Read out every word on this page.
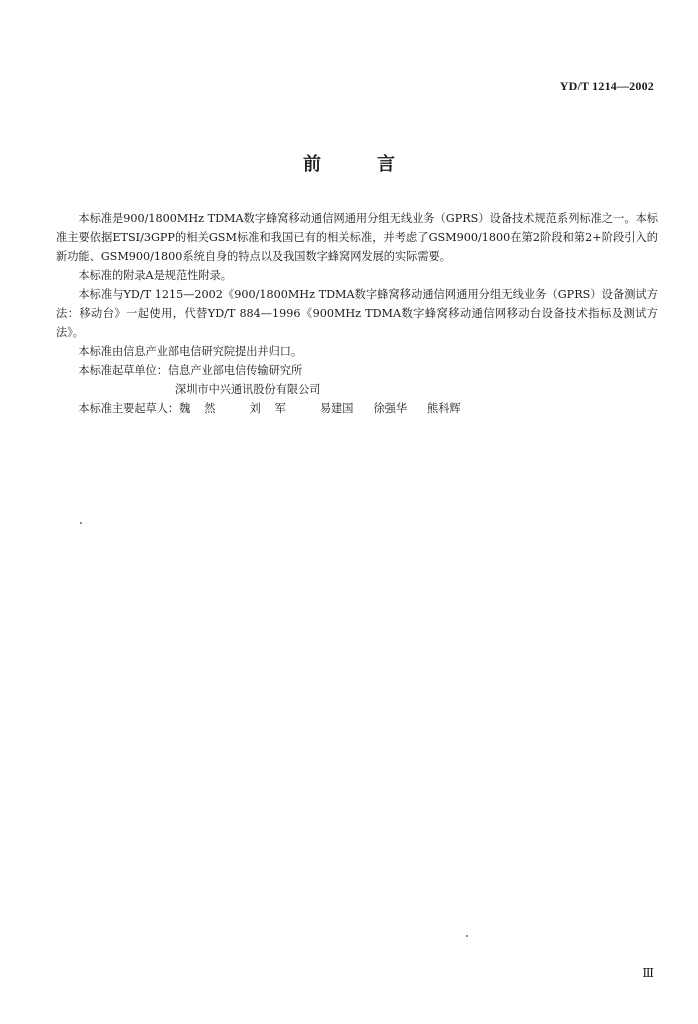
YD/T 1214—2002
前言

本标准是900/1800MHz TDMA数字蜂窝移动通信网通用分组无线业务（GPRS）设备技术规范系列标准之一。本标准主要依据ETSI/3GPP的相关GSM标准和我国已有的相关标准，并考虑了GSM900/1800在第2阶段和第2+阶段引入的新功能、GSM900/1800系统自身的特点以及我国数字蜂窝网发展的实际需要。

本标准的附录A是规范性附录。

本标准与YD/T 1215—2002《900/1800MHz TDMA数字蜂窝移动通信网通用分组无线业务（GPRS）设备测试方法：移动台》一起使用，代替YD/T 884—1996《900MHz TDMA数字蜂窝移动通信网移动台设备技术指标及测试方法》。

本标准由信息产业部电信研究院提出并归口。

本标准起草单位：信息产业部电信传输研究所

深圳市中兴通讯股份有限公司

本标准主要起草人：魏然 刘军 易建国 徐强华 熊科辉

Ⅲ
